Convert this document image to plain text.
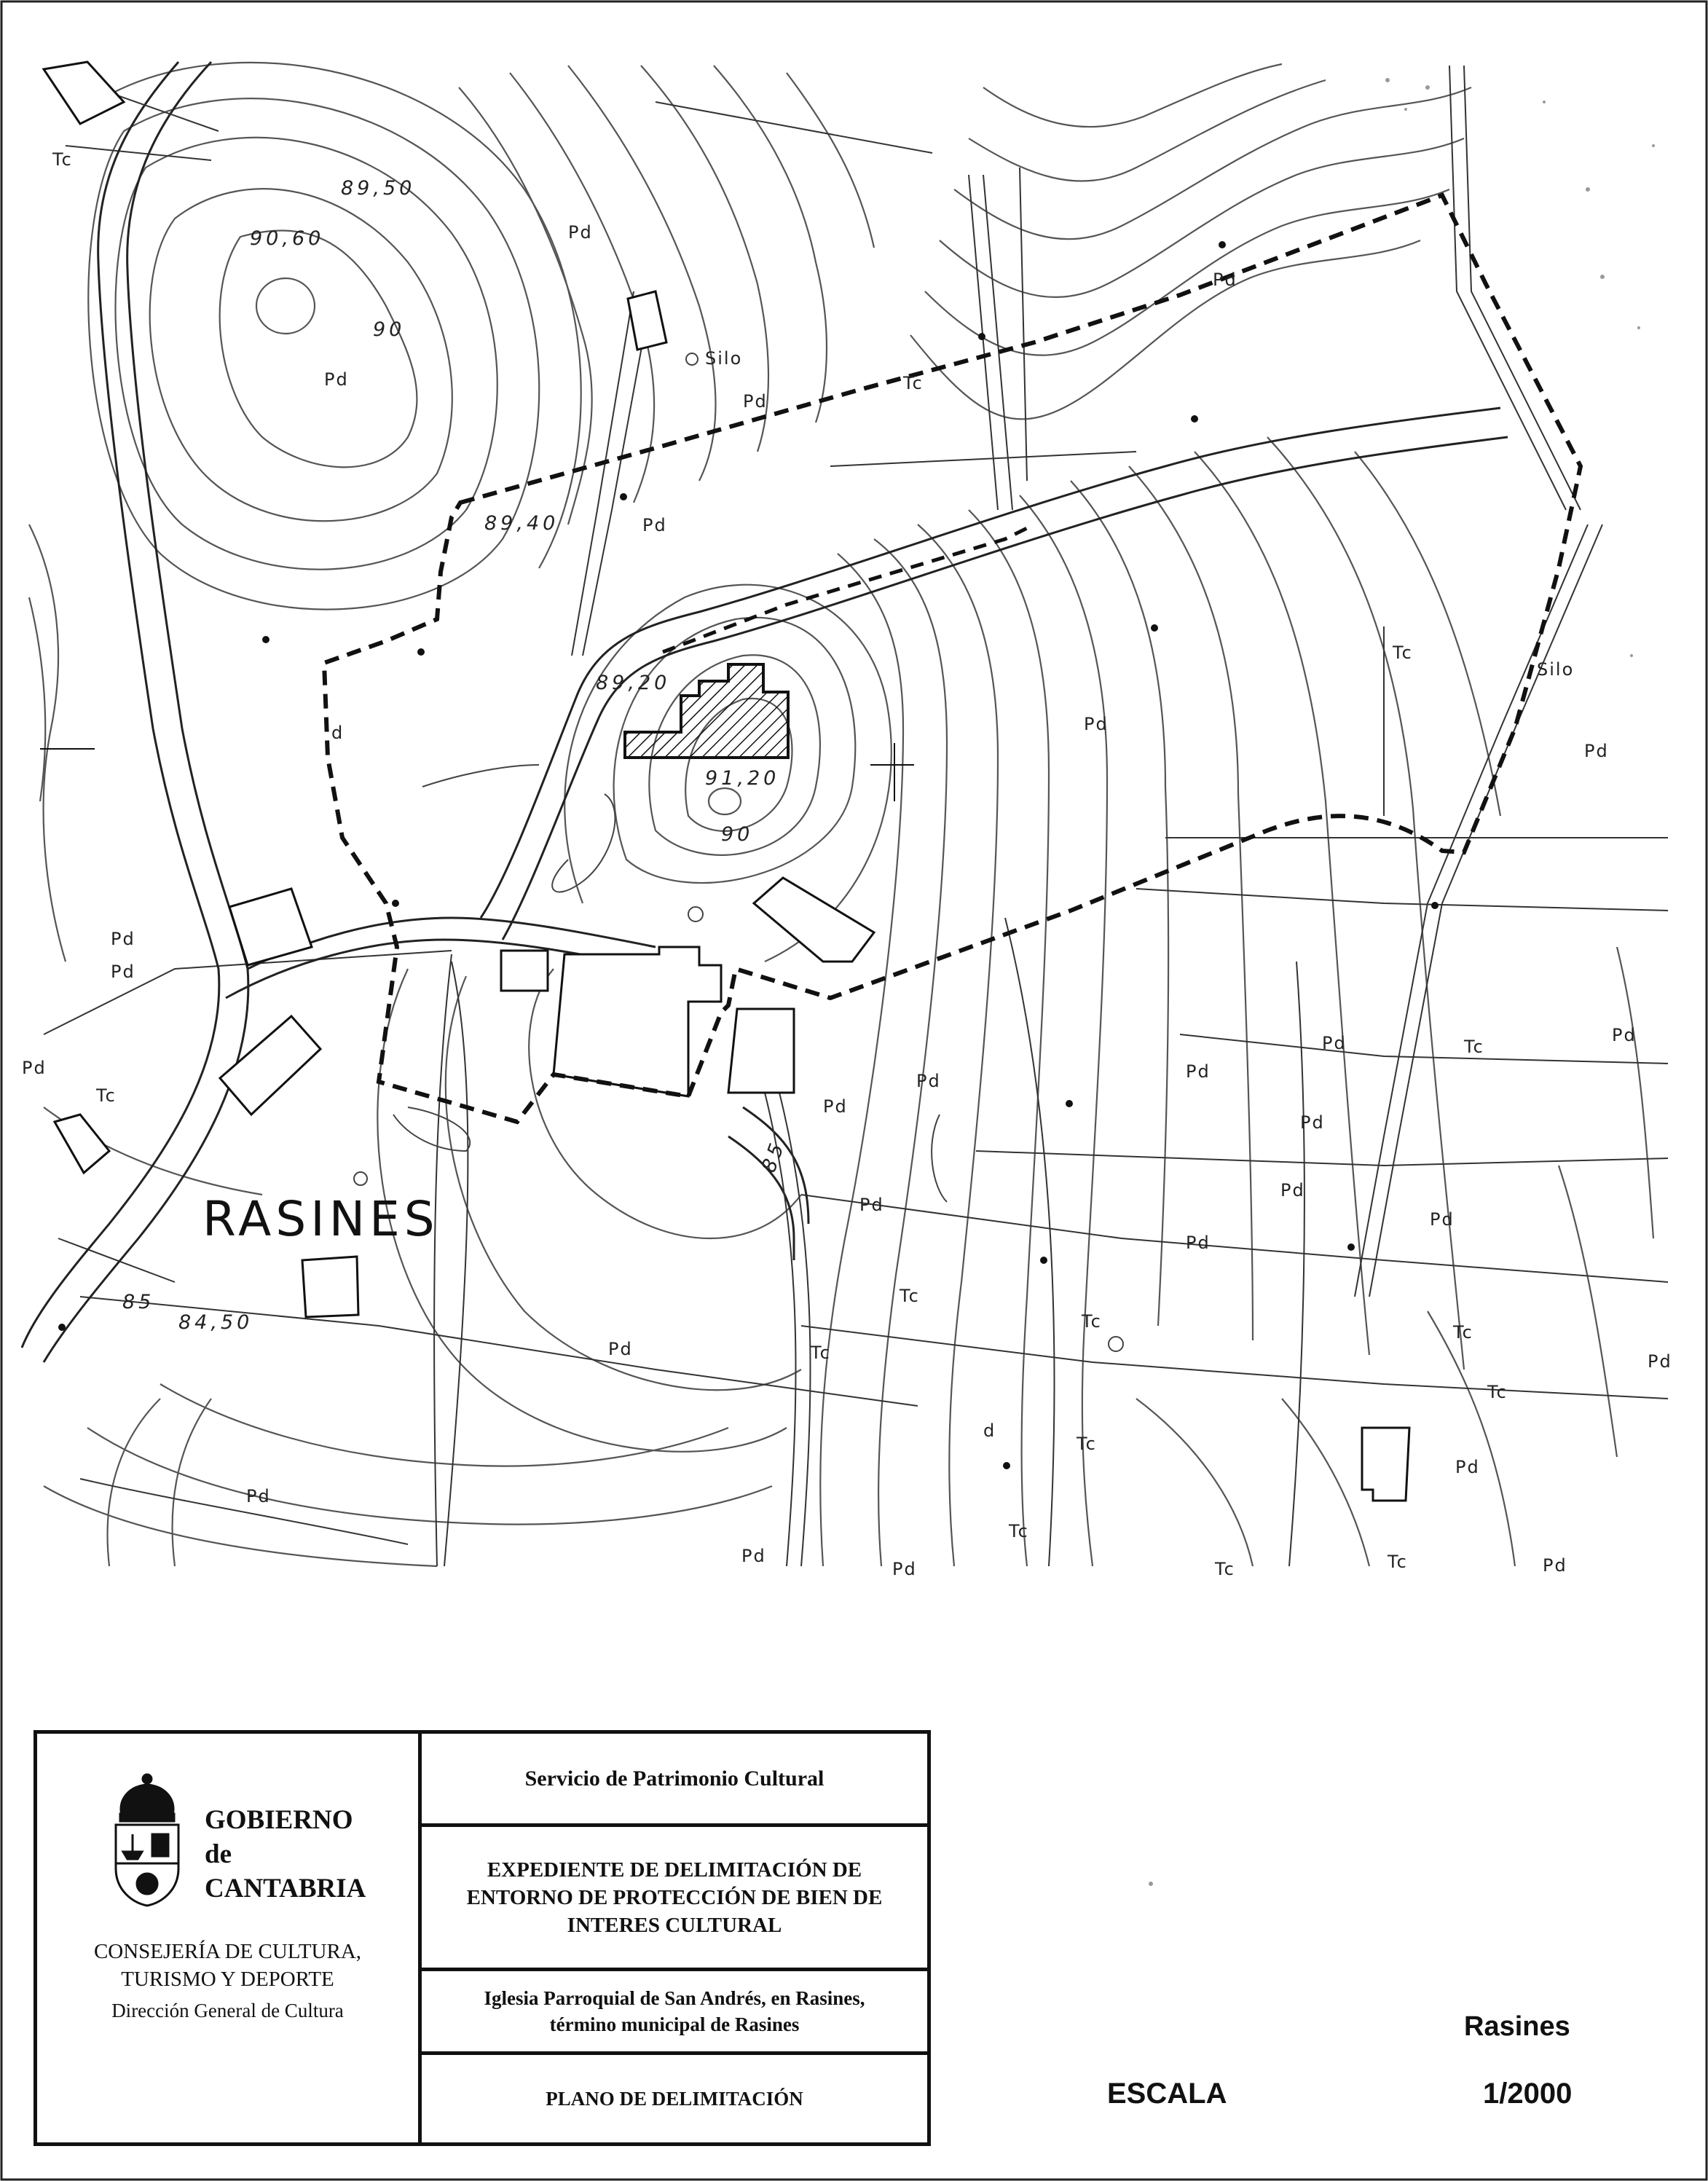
89,50
90,60
90
89,40
89,20
91,20
90
85
85
84,50
Tc
Pd
Pd
Pd
Pd
Tc
Pd
Pd
Pd
Tc
Pd
Pd
Tc
Pd	Pd
Tc
Pd
Pd
Pd
Pd
Pd
Pd
Pd
Tc
Tc
Tc
Tc
Tc
Pd
Pd
Tc
Tc
Pd
Pd	Tc	Pd
Tc
Pd
Pd
d
Pd
d
Pd
Silo
Silo
RASINES
GOBIERNO
de
CANTABRIA
CONSEJERÍA DE CULTURA,
TURISMO Y DEPORTE
Dirección General de Cultura
Servicio de Patrimonio Cultural
EXPEDIENTE DE DELIMITACIÓN DE
ENTORNO DE PROTECCIÓN DE BIEN DE
INTERES CULTURAL
Iglesia Parroquial de San Andrés, en Rasines,
término municipal de Rasines
PLANO DE DELIMITACIÓN
Rasines
ESCALA	1/2000
